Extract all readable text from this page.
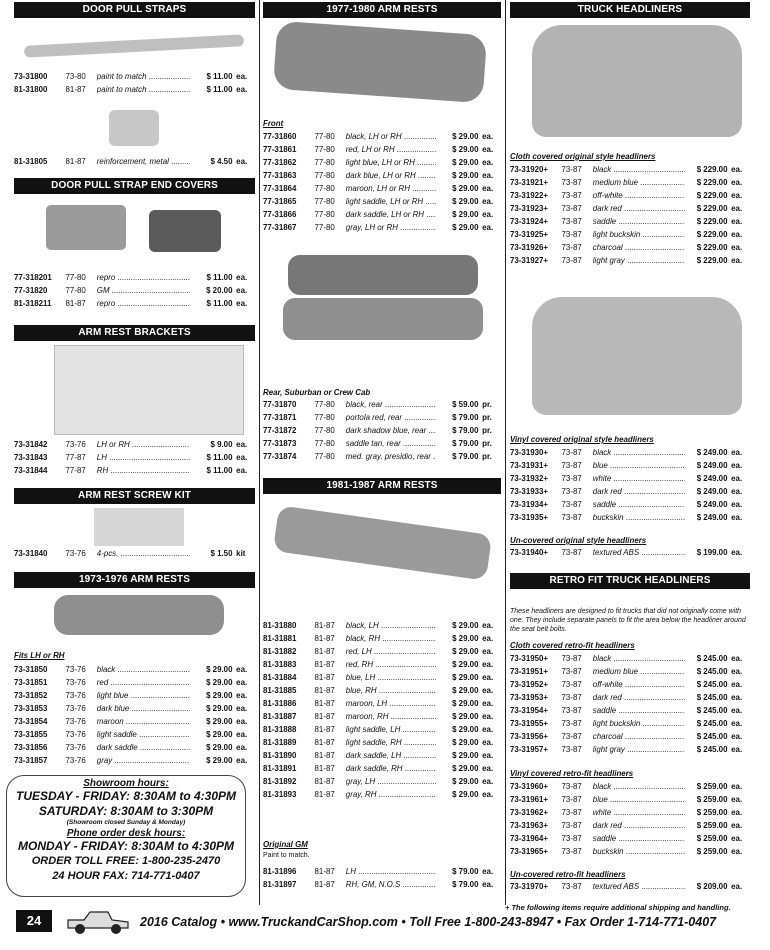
DOOR PULL STRAPS
73-31800	73-80	paint to match .....	$ 11.00 ea.
81-31800	81-87	paint to match .....	$ 11.00 ea.
81-31805	81-87	reinforcement, metal .....	$ 4.50 ea.
DOOR PULL STRAP END COVERS
77-318201	77-80	repro .....	$ 11.00 ea.
77-31820	77-80	GM .....	$ 20.00 ea.
81-318211	81-87	repro .....	$ 11.00 ea.
ARM REST BRACKETS
73-31842	73-76	LH or RH .....	$ 9.00 ea.
73-31843	77-87	LH .....	$ 11.00 ea.
73-31844	77-87	RH .....	$ 11.00 ea.
ARM REST SCREW KIT
73-31840	73-76	4-pcs. .....	$ 1.50 kit
1973-1976 ARM RESTS
Fits LH or RH
73-31850	73-76	black .....	$ 29.00 ea.
73-31851	73-76	red .....	$ 29.00 ea.
73-31852	73-76	light blue .....	$ 29.00 ea.
73-31853	73-76	dark blue .....	$ 29.00 ea.
73-31854	73-76	maroon .....	$ 29.00 ea.
73-31855	73-76	light saddle .....	$ 29.00 ea.
73-31856	73-76	dark saddle .....	$ 29.00 ea.
73-31857	73-76	gray .....	$ 29.00 ea.
Showroom hours:
TUESDAY - FRIDAY: 8:30AM to 4:30PM
SATURDAY: 8:30AM to 3:30PM
(Showroom closed Sunday & Monday)
Phone order desk hours:
MONDAY - FRIDAY: 8:30AM to 4:30PM
ORDER TOLL FREE: 1-800-235-2470
24 HOUR FAX: 714-771-0407
1977-1980 ARM RESTS
Front
77-31860	77-80	black, LH or RH .....	$ 29.00 ea.
77-31861	77-80	red, LH or RH .....	$ 29.00 ea.
77-31862	77-80	light blue, LH or RH .....	$ 29.00 ea.
77-31863	77-80	dark blue, LH or RH .....	$ 29.00 ea.
77-31864	77-80	maroon, LH or RH .....	$ 29.00 ea.
77-31865	77-80	light saddle, LH or RH .....	$ 29.00 ea.
77-31866	77-80	dark saddle, LH or RH .....	$ 29.00 ea.
77-31867	77-80	gray, LH or RH .....	$ 29.00 ea.
Rear, Suburban or Crew Cab
77-31870	77-80	black, rear .....	$ 59.00 pr.
77-31871	77-80	portola red, rear .....	$ 79.00 pr.
77-31872	77-80	dark shadow blue, rear .....	$ 79.00 pr.
77-31873	77-80	saddle tan, rear .....	$ 79.00 pr.
77-31874	77-80	med. gray, presidio, rear .....	$ 79.00 pr.
1981-1987 ARM RESTS
81-31880	81-87	black, LH .....	$ 29.00 ea.
81-31881	81-87	black, RH .....	$ 29.00 ea.
81-31882	81-87	red, LH .....	$ 29.00 ea.
81-31883	81-87	red, RH .....	$ 29.00 ea.
81-31884	81-87	blue, LH .....	$ 29.00 ea.
81-31885	81-87	blue, RH .....	$ 29.00 ea.
81-31886	81-87	maroon, LH .....	$ 29.00 ea.
81-31887	81-87	maroon, RH .....	$ 29.00 ea.
81-31888	81-87	light saddle, LH .....	$ 29.00 ea.
81-31889	81-87	light saddle, RH .....	$ 29.00 ea.
81-31890	81-87	dark saddle, LH .....	$ 29.00 ea.
81-31891	81-87	dark saddle, RH .....	$ 29.00 ea.
81-31892	81-87	gray, LH .....	$ 29.00 ea.
81-31893	81-87	gray, RH .....	$ 29.00 ea.
Original GM
Paint to match.
81-31896	81-87	LH .....	$ 79.00 ea.
81-31897	81-87	RH, GM, N.O.S .....	$ 79.00 ea.
TRUCK HEADLINERS
Cloth covered original style headliners
73-31920+	73-87	black .....	$ 229.00 ea.
73-31921+	73-87	medium blue .....	$ 229.00 ea.
73-31922+	73-87	off-white .....	$ 229.00 ea.
73-31923+	73-87	dark red .....	$ 229.00 ea.
73-31924+	73-87	saddle .....	$ 229.00 ea.
73-31925+	73-87	light buckskin .....	$ 229.00 ea.
73-31926+	73-87	charcoal .....	$ 229.00 ea.
73-31927+	73-87	light gray .....	$ 229.00 ea.
Vinyl covered original style headliners
73-31930+	73-87	black .....	$ 249.00 ea.
73-31931+	73-87	blue .....	$ 249.00 ea.
73-31932+	73-87	white .....	$ 249.00 ea.
73-31933+	73-87	dark red .....	$ 249.00 ea.
73-31934+	73-87	saddle .....	$ 249.00 ea.
73-31935+	73-87	buckskin .....	$ 249.00 ea.
Un-covered original style headliners
73-31940+	73-87	textured ABS .....	$ 199.00 ea.
RETRO FIT TRUCK HEADLINERS
These headliners are designed to fit trucks that did not originally come with one. They include separate panels to fit the area below the headliner around the seat belt bolts.
Cloth covered retro-fit headliners
73-31950+	73-87	black .....	$ 245.00 ea.
73-31951+	73-87	medium blue .....	$ 245.00 ea.
73-31952+	73-87	off-white .....	$ 245.00 ea.
73-31953+	73-87	dark red .....	$ 245.00 ea.
73-31954+	73-87	saddle .....	$ 245.00 ea.
73-31955+	73-87	light buckskin .....	$ 245.00 ea.
73-31956+	73-87	charcoal .....	$ 245.00 ea.
73-31957+	73-87	light gray .....	$ 245.00 ea.
Vinyl covered retro-fit headliners
73-31960+	73-87	black .....	$ 259.00 ea.
73-31961+	73-87	blue .....	$ 259.00 ea.
73-31962+	73-87	white .....	$ 259.00 ea.
73-31963+	73-87	dark red .....	$ 259.00 ea.
73-31964+	73-87	saddle .....	$ 259.00 ea.
73-31965+	73-87	buckskin .....	$ 259.00 ea.
Un-covered retro-fit headliners
73-31970+	73-87	textured ABS .....	$ 209.00 ea.
+ The following items require additional shipping and handling.
24	2016 Catalog • www.TruckandCarShop.com • Toll Free 1-800-243-8947 • Fax Order 1-714-771-0407
